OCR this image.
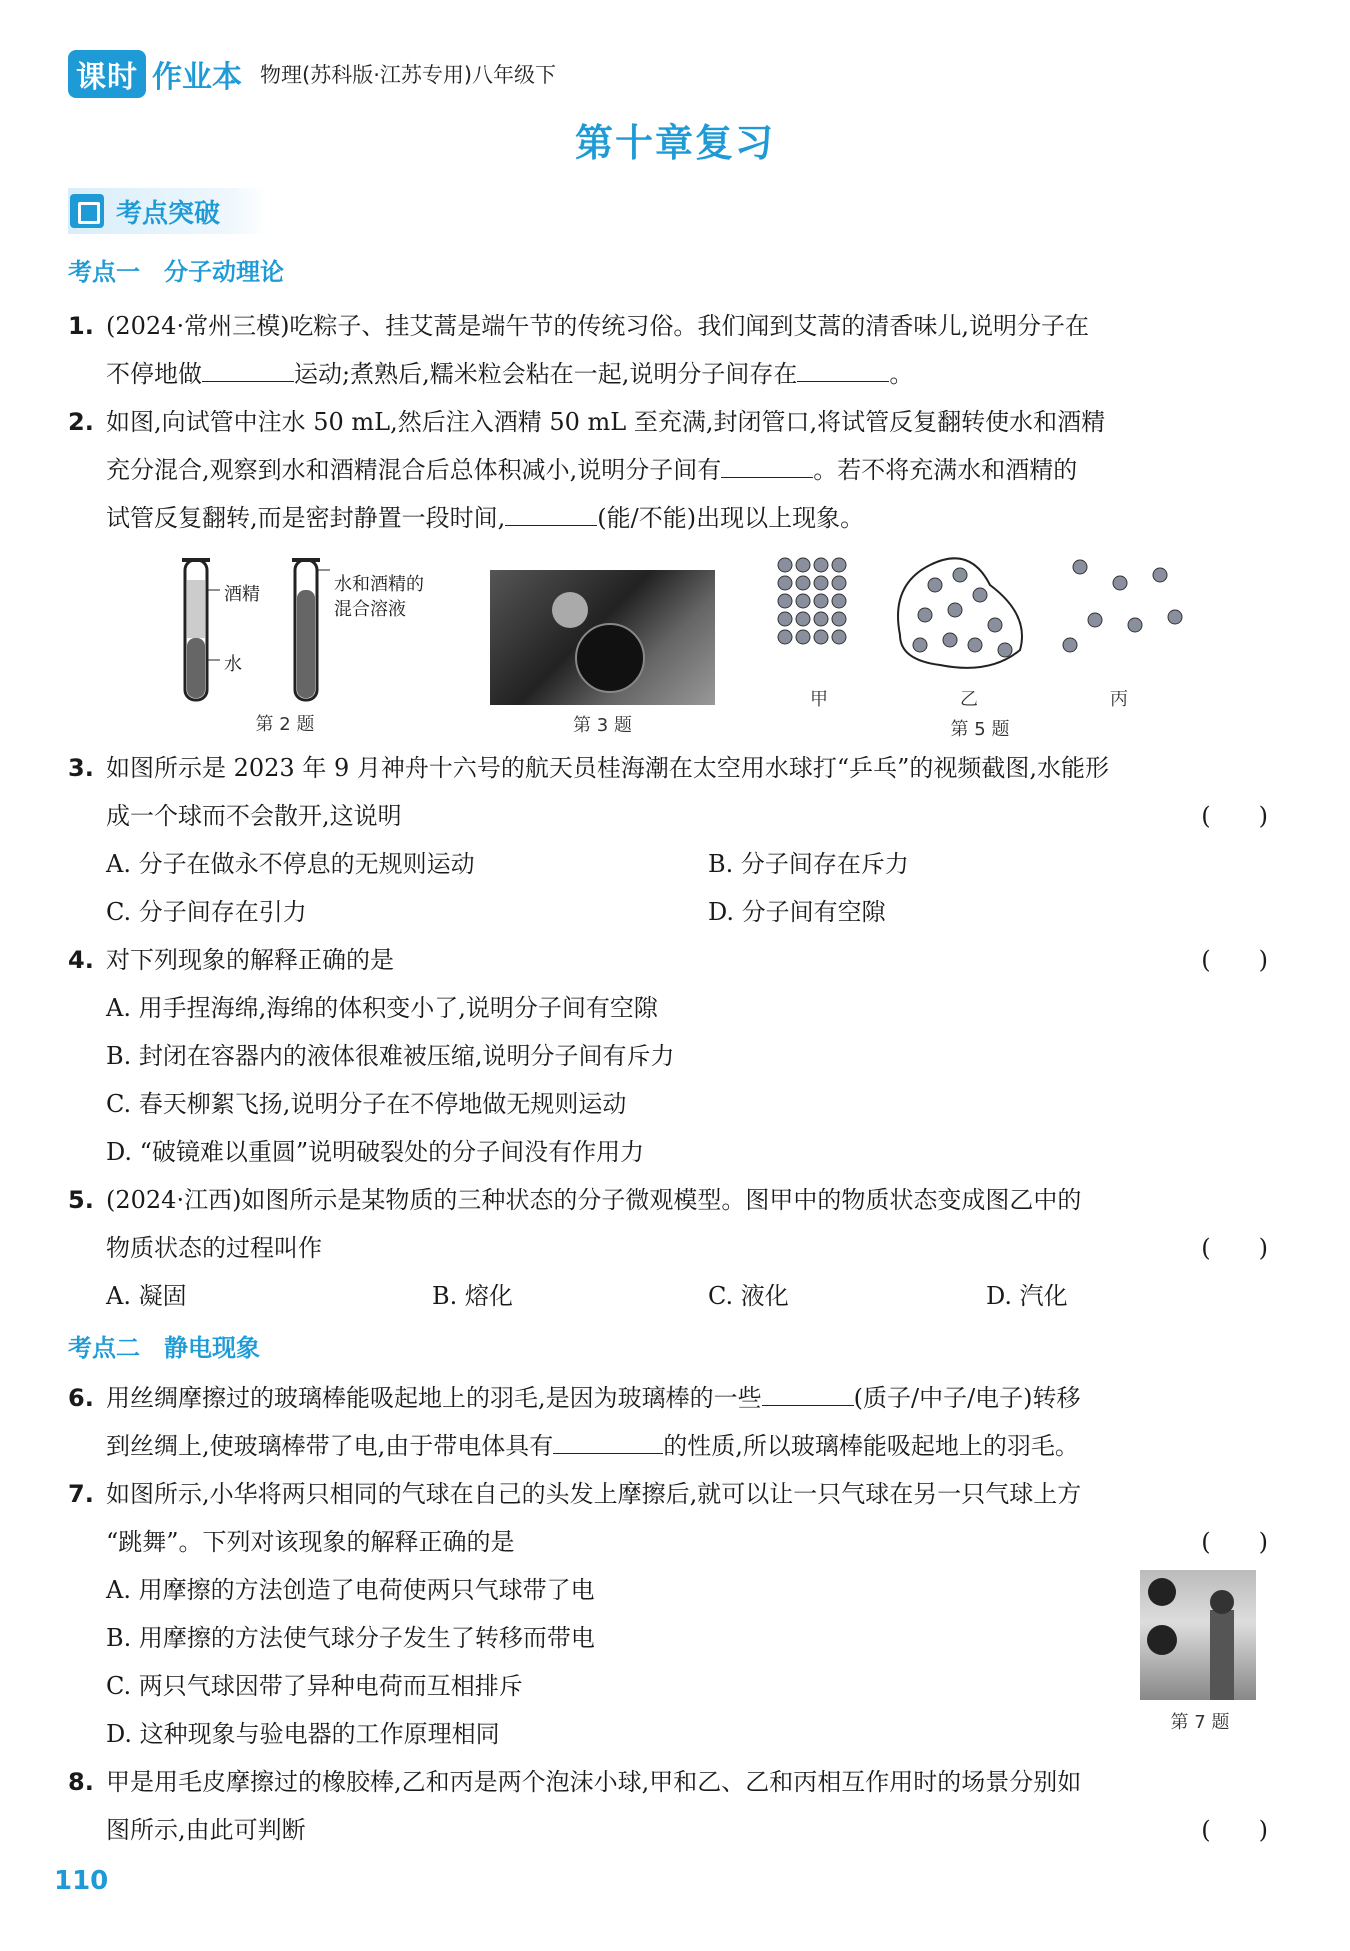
课时 作业本 物理(苏科版·江苏专用)八年级下
第十章复习
考点突破
考点一　分子动理论
1. (2024·常州三模)吃粽子、挂艾蒿是端午节的传统习俗。我们闻到艾蒿的清香味儿,说明分子在
不停地做	运动;煮熟后,糯米粒会粘在一起,说明分子间存在	。
2. 如图,向试管中注水 50 mL,然后注入酒精 50 mL 至充满,封闭管口,将试管反复翻转使水和酒精
充分混合,观察到水和酒精混合后总体积减小,说明分子间有	。若不将充满水和酒精的
试管反复翻转,而是密封静置一段时间,	(能/不能)出现以上现象。
酒精
水
水和酒精的
混合溶液
第 2 题	第 3 题
甲	乙	丙
第 5 题
3. 如图所示是 2023 年 9 月神舟十六号的航天员桂海潮在太空用水球打“乒乓”的视频截图,水能形
成一个球而不会散开,这说明	(　　)
A. 分子在做永不停息的无规则运动	B. 分子间存在斥力
C. 分子间存在引力	D. 分子间有空隙
4. 对下列现象的解释正确的是	(　　)
A. 用手捏海绵,海绵的体积变小了,说明分子间有空隙
B. 封闭在容器内的液体很难被压缩,说明分子间有斥力
C. 春天柳絮飞扬,说明分子在不停地做无规则运动
D. “破镜难以重圆”说明破裂处的分子间没有作用力
5. (2024·江西)如图所示是某物质的三种状态的分子微观模型。图甲中的物质状态变成图乙中的
物质状态的过程叫作	(　　)
A. 凝固	B. 熔化	C. 液化	D. 汽化
考点二　静电现象
6. 用丝绸摩擦过的玻璃棒能吸起地上的羽毛,是因为玻璃棒的一些	(质子/中子/电子)转移
到丝绸上,使玻璃棒带了电,由于带电体具有	的性质,所以玻璃棒能吸起地上的羽毛。
7. 如图所示,小华将两只相同的气球在自己的头发上摩擦后,就可以让一只气球在另一只气球上方
“跳舞”。下列对该现象的解释正确的是	(　　)
A. 用摩擦的方法创造了电荷使两只气球带了电
B. 用摩擦的方法使气球分子发生了转移而带电
C. 两只气球因带了异种电荷而互相排斥
D. 这种现象与验电器的工作原理相同	第 7 题
8. 甲是用毛皮摩擦过的橡胶棒,乙和丙是两个泡沫小球,甲和乙、乙和丙相互作用时的场景分别如
图所示,由此可判断	(　　)
110
